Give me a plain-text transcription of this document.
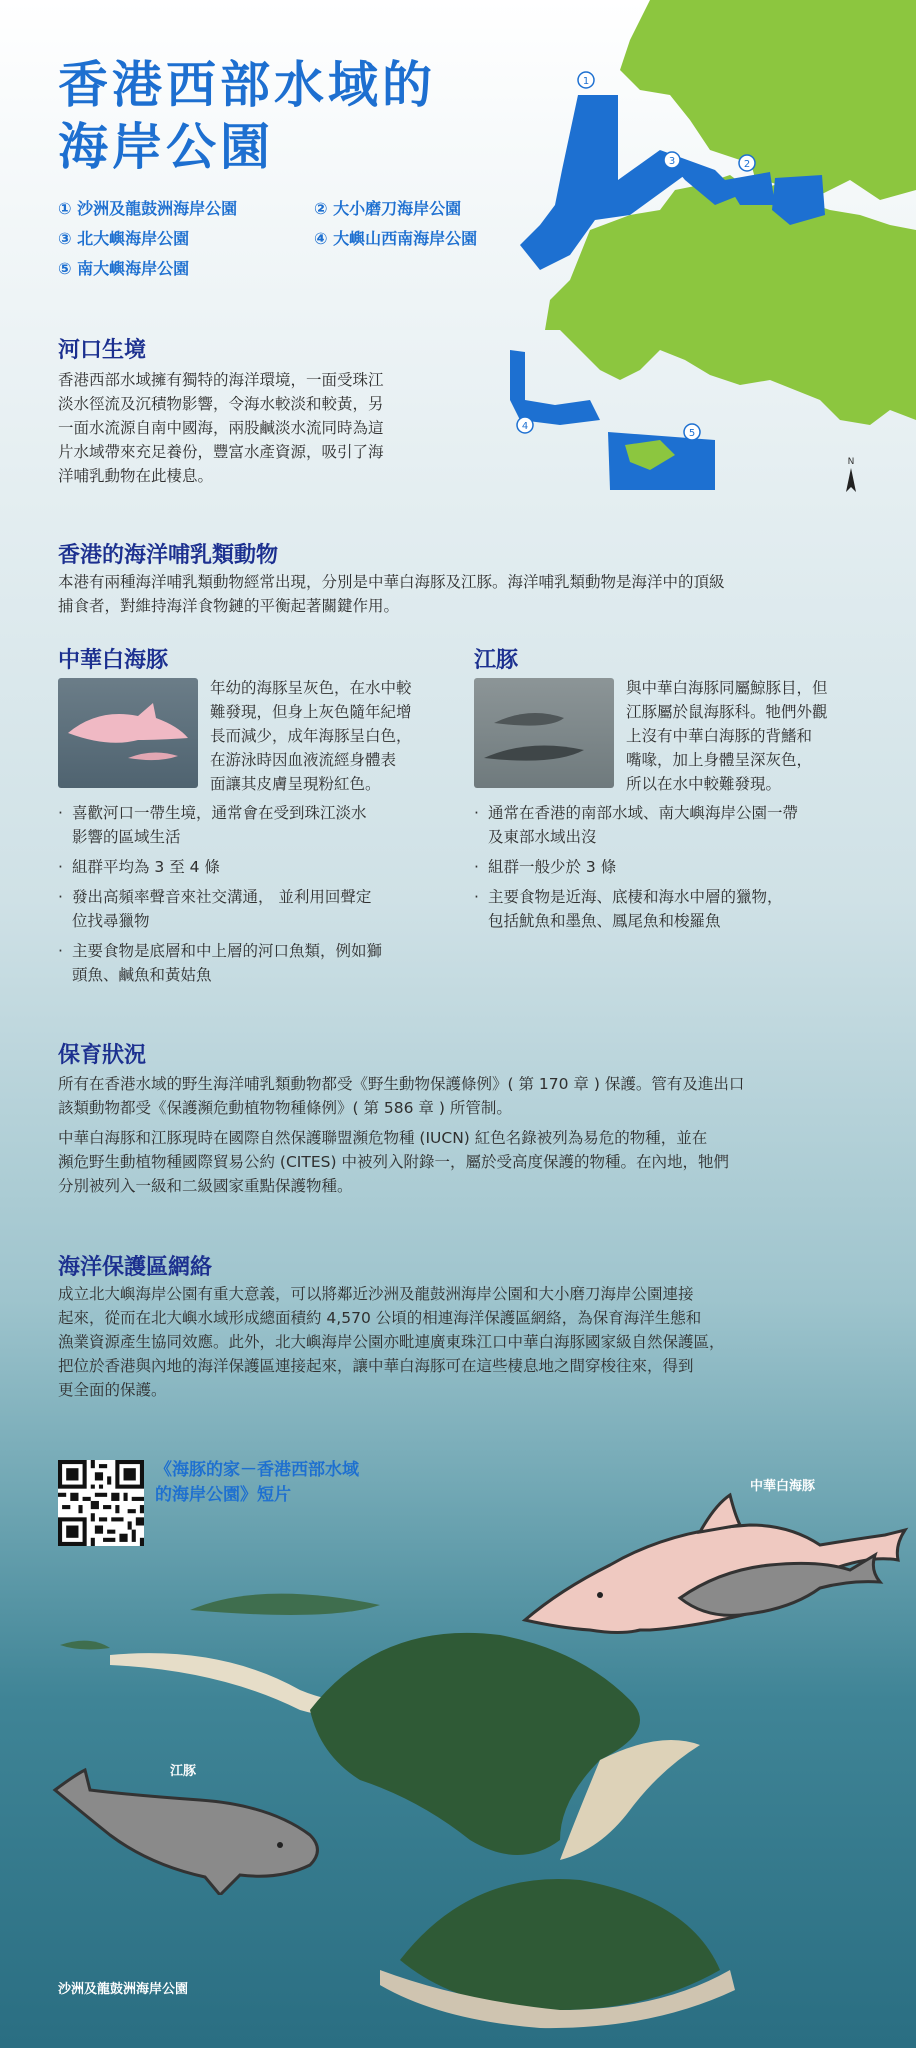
香港西部水域的
海岸公園
① 沙洲及龍鼓洲海岸公園	② 大小磨刀海岸公園
③ 北大嶼海岸公園	④ 大嶼山西南海岸公園
⑤ 南大嶼海岸公園
1
2
3
4
5
N
河口生境
香港西部水域擁有獨特的海洋環境，一面受珠江
淡水徑流及沉積物影響，令海水較淡和較黃，另
一面水流源自南中國海，兩股鹹淡水流同時為這
片水域帶來充足養份，豐富水產資源，吸引了海
洋哺乳動物在此棲息。
香港的海洋哺乳類動物
本港有兩種海洋哺乳類動物經常出現，分別是中華白海豚及江豚。海洋哺乳類動物是海洋中的頂級
捕食者，對維持海洋食物鏈的平衡起著關鍵作用。
中華白海豚
年幼的海豚呈灰色，在水中較
難發現，但身上灰色隨年紀增
長而減少，成年海豚呈白色，
在游泳時因血液流經身體表
面讓其皮膚呈現粉紅色。
· 喜歡河口一帶生境，通常會在受到珠江淡水
影響的區域生活
· 組群平均為 3 至 4 條
· 發出高頻率聲音來社交溝通， 並利用回聲定
位找尋獵物
· 主要食物是底層和中上層的河口魚類，例如獅
頭魚、鹹魚和黃姑魚
江豚
與中華白海豚同屬鯨豚目，但
江豚屬於鼠海豚科。牠們外觀
上沒有中華白海豚的背鰭和
嘴喙，加上身體呈深灰色，
所以在水中較難發現。
· 通常在香港的南部水域、南大嶼海岸公園一帶
及東部水域出沒
· 組群一般少於 3 條
· 主要食物是近海、底棲和海水中層的獵物，
包括魷魚和墨魚、鳳尾魚和梭羅魚
保育狀況
所有在香港水域的野生海洋哺乳類動物都受《野生動物保護條例》( 第 170 章 ) 保護。管有及進出口
該類動物都受《保護瀕危動植物物種條例》( 第 586 章 ) 所管制。
中華白海豚和江豚現時在國際自然保護聯盟瀕危物種 (IUCN) 紅色名錄被列為易危的物種，並在
瀕危野生動植物種國際貿易公約 (CITES) 中被列入附錄一，屬於受高度保護的物種。在內地，牠們
分別被列入一級和二級國家重點保護物種。
海洋保護區網絡
成立北大嶼海岸公園有重大意義，可以將鄰近沙洲及龍鼓洲海岸公園和大小磨刀海岸公園連接
起來，從而在北大嶼水域形成總面積約 4,570 公頃的相連海洋保護區網絡，為保育海洋生態和
漁業資源產生協同效應。此外，北大嶼海岸公園亦毗連廣東珠江口中華白海豚國家級自然保護區，
把位於香港與內地的海洋保護區連接起來，讓中華白海豚可在這些棲息地之間穿梭往來，得到
更全面的保護。
《海豚的家－香港西部水域
的海岸公園》短片	中華白海豚
江豚
沙洲及龍鼓洲海岸公園
